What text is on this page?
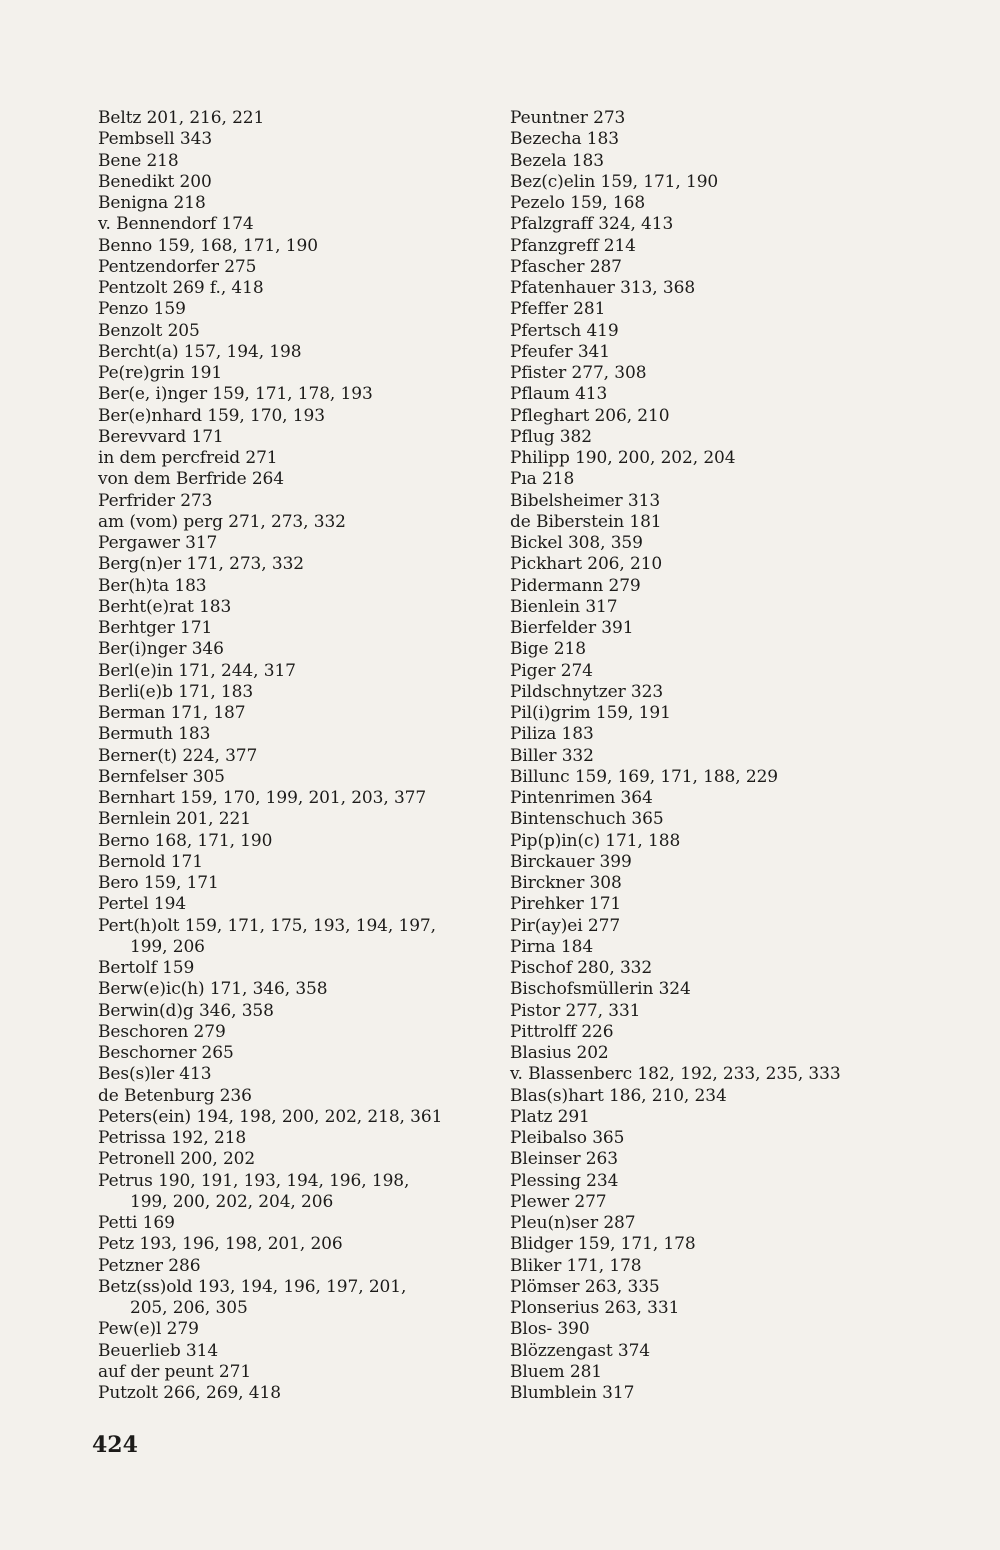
Beltz 201, 216, 221
Pembsell 343
Bene 218
Benedikt 200
Benigna 218
v. Bennendorf 174
Benno 159, 168, 171, 190
Pentzendorfer 275
Pentzolt 269 f., 418
Penzo 159
Benzolt 205
Bercht(a) 157, 194, 198
Pe(re)grin 191
Ber(e, i)nger 159, 171, 178, 193
Ber(e)nhard 159, 170, 193
Berevvard 171
in dem percfreid 271
von dem Berfride 264
Perfrider 273
am (vom) perg 271, 273, 332
Pergawer 317
Berg(n)er 171, 273, 332
Ber(h)ta 183
Berht(e)rat 183
Berhtger 171
Ber(i)nger 346
Berl(e)in 171, 244, 317
Berli(e)b 171, 183
Berman 171, 187
Bermuth 183
Berner(t) 224, 377
Bernfelser 305
Bernhart 159, 170, 199, 201, 203, 377
Bernlein 201, 221
Berno 168, 171, 190
Bernold 171
Bero 159, 171
Pertel 194
Pert(h)olt 159, 171, 175, 193, 194, 197,
199, 206
Bertolf 159
Berw(e)ic(h) 171, 346, 358
Berwin(d)g 346, 358
Beschoren 279
Beschorner 265
Bes(s)ler 413
de Betenburg 236
Peters(ein) 194, 198, 200, 202, 218, 361
Petrissa 192, 218
Petronell 200, 202
Petrus 190, 191, 193, 194, 196, 198,
199, 200, 202, 204, 206
Petti 169
Petz 193, 196, 198, 201, 206
Petzner 286
Betz(ss)old 193, 194, 196, 197, 201,
205, 206, 305
Pew(e)l 279
Beuerlieb 314
auf der peunt 271
Putzolt 266, 269, 418
Peuntner 273
Bezecha 183
Bezela 183
Bez(c)elin 159, 171, 190
Pezelo 159, 168
Pfalzgraff 324, 413
Pfanzgreff 214
Pfascher 287
Pfatenhauer 313, 368
Pfeffer 281
Pfertsch 419
Pfeufer 341
Pfister 277, 308
Pflaum 413
Pfleghart 206, 210
Pflug 382
Philipp 190, 200, 202, 204
Pıa 218
Bibelsheimer 313
de Biberstein 181
Bickel 308, 359
Pickhart 206, 210
Pidermann 279
Bienlein 317
Bierfelder 391
Bige 218
Piger 274
Pildschnytzer 323
Pil(i)grim 159, 191
Piliza 183
Biller 332
Billunc 159, 169, 171, 188, 229
Pintenrimen 364
Bintenschuch 365
Pip(p)in(c) 171, 188
Birckauer 399
Birckner 308
Pirehker 171
Pir(ay)ei 277
Pirna 184
Pischof 280, 332
Bischofsmüllerin 324
Pistor 277, 331
Pittrolff 226
Blasius 202
v. Blassenberc 182, 192, 233, 235, 333
Blas(s)hart 186, 210, 234
Platz 291
Pleibalso 365
Bleinser 263
Plessing 234
Plewer 277
Pleu(n)ser 287
Blidger 159, 171, 178
Bliker 171, 178
Plömser 263, 335
Plonserius 263, 331
Blos- 390
Blözzengast 374
Bluem 281
Blumblein 317
424
